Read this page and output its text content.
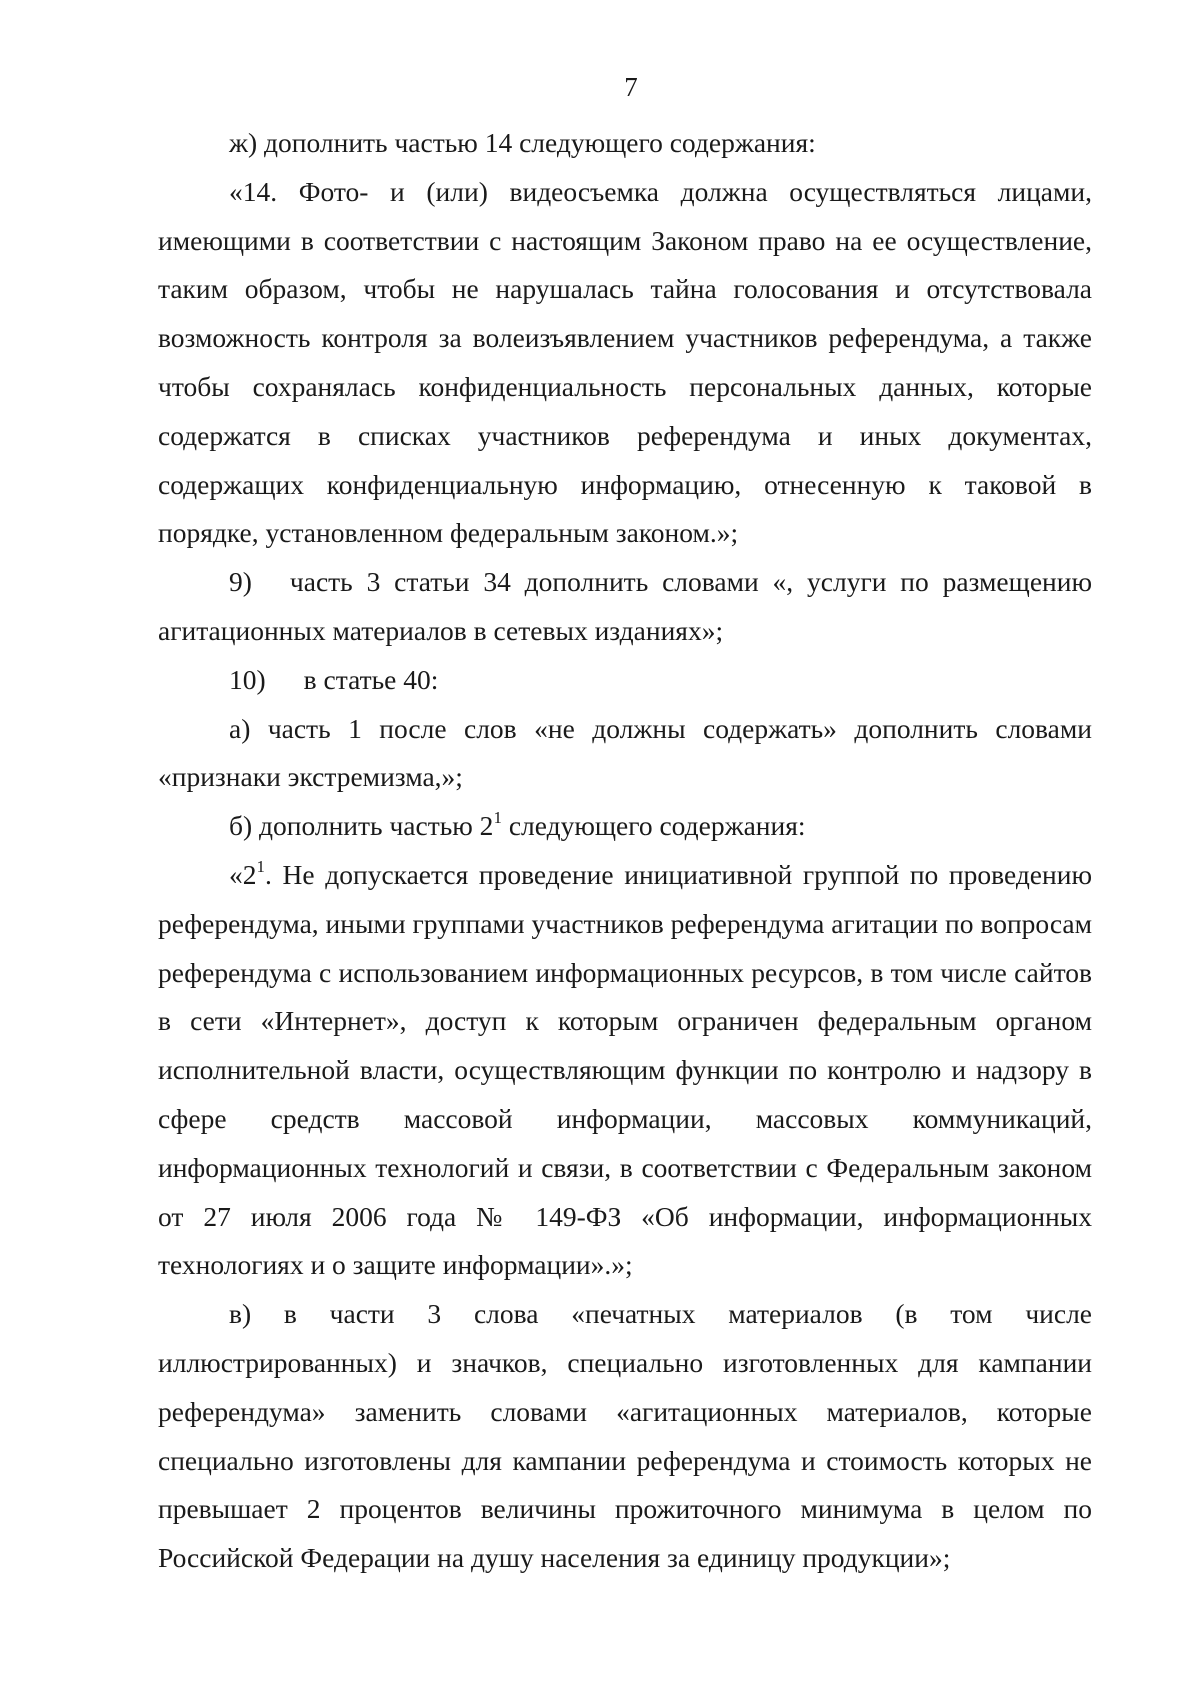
7

ж) дополнить частью 14 следующего содержания:

«14. Фото- и (или) видеосъемка должна осуществляться лицами, имеющими в соответствии с настоящим Законом право на ее осуществление, таким образом, чтобы не нарушалась тайна голосования и отсутствовала возможность контроля за волеизъявлением участников референдума, а также чтобы сохранялась конфиденциальность персональных данных, которые содержатся в списках участников референдума и иных документах, содержащих конфиденциальную информацию, отнесенную к таковой в порядке, установленном федеральным законом.»;

9) часть 3 статьи 34 дополнить словами «, услуги по размещению агитационных материалов в сетевых изданиях»;

10) в статье 40:

а) часть 1 после слов «не должны содержать» дополнить словами «признаки экстремизма,»;

б) дополнить частью $2^1$ следующего содержания:

«$2^1$. Не допускается проведение инициативной группой по проведению референдума, иными группами участников референдума агитации по вопросам референдума с использованием информационных ресурсов, в том числе сайтов в сети «Интернет», доступ к которым ограничен федеральным органом исполнительной власти, осуществляющим функции по контролю и надзору в сфере средств массовой информации, массовых коммуникаций, информационных технологий и связи, в соответствии с Федеральным законом от 27 июля 2006 года № 149-ФЗ «Об информации, информационных технологиях и о защите информации».»;

в) в части 3 слова «печатных материалов (в том числе иллюстрированных) и значков, специально изготовленных для кампании референдума» заменить словами «агитационных материалов, которые специально изготовлены для кампании референдума и стоимость которых не превышает 2 процентов величины прожиточного минимума в целом по Российской Федерации на душу населения за единицу продукции»;
